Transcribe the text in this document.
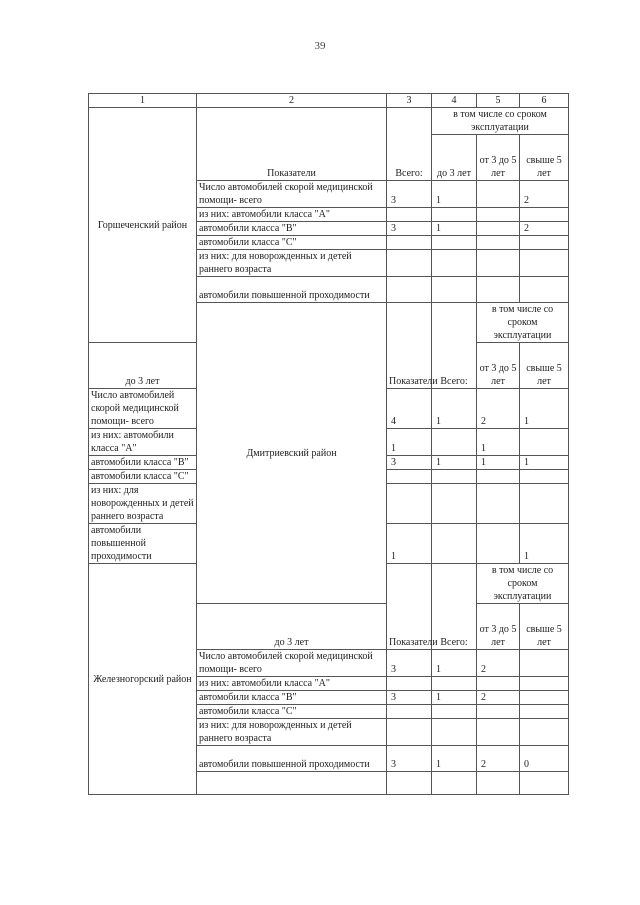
39
1	2	3	4	5	6	
Горшеченский район	Показатели	Всего:	в том числе со сроком эксплуатации			
			до 3 лет	от 3 до 5 лет	свыше 5 лет	
	Число автомобилей скорой медицинской помощи- всего	3	1		2	
	из них: автомобили класса "А"					
	автомобили класса "В"	3	1		2	
	автомобили класса "С"					
	из них: для новорожденных и детей раннего возраста					
	автомобили повышенной проходимости					
	Дмитриевский район	Показатели	Всего:	в том числе со сроком эксплуатации		
до 3 лет				от 3 до 5 лет	свыше 5 лет	
Число автомобилей скорой медицинской помощи- всего		4	1	2	1	
из них: автомобили класса "А"		1		1		
автомобили класса "В"		3	1	1	1	
автомобили класса "С"						
из них: для новорожденных и детей раннего возраста						
автомобили повышенной проходимости		1			1	
Железногорский район		Показатели	Всего:	в том числе со сроком эксплуатации		
	до 3 лет			от 3 до 5 лет	свыше 5 лет	
	Число автомобилей скорой медицинской помощи- всего	3	1	2		
	из них: автомобили класса "А"					
	автомобили класса "В"	3	1	2		
	автомобили класса "С"					
	из них: для новорожденных и детей раннего возраста					
	автомобили повышенной проходимости	3	1	2	0	
